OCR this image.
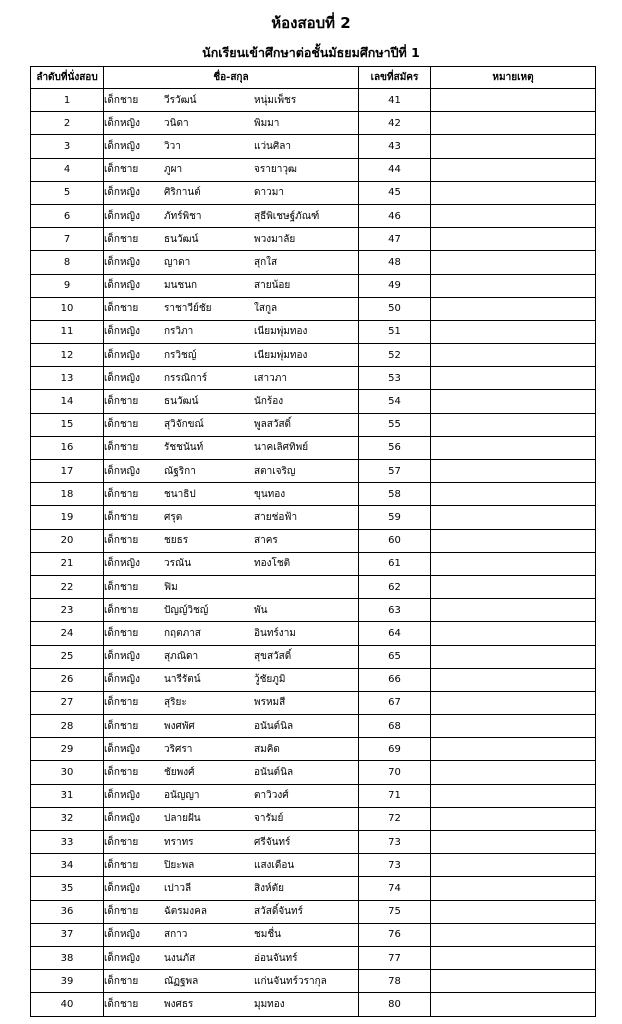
ห้องสอบที่ 2
นักเรียนเข้าศึกษาต่อชั้นมัธยมศึกษาปีที่ 1
ลำดับที่นั่งสอบ	ชื่อ-สกุล	เลขที่สมัคร	หมายเหตุ
1	เด็กชาย วีรวัฒน์ หนุ่มเพ็ชร	41	
2	เด็กหญิง วนิดา พิมมา	42	
3	เด็กหญิง วิวา แว่นศิลา	43	
4	เด็กชาย ภูผา จรายาวุฒ	44	
5	เด็กหญิง ศิริกานต์ ดาวมา	45	
6	เด็กหญิง ภัทร์พิชา สุธีพิเชษฐ์ภัณฑ์	46	
7	เด็กชาย ธนวัฒน์ พวงมาลัย	47	
8	เด็กหญิง ญาดา สุกใส	48	
9	เด็กหญิง มนชนก สายน้อย	49	
10	เด็กชาย ราชาวีย์ชัย ใสกูล	50	
11	เด็กหญิง กรวิภา เนียมพุ่มทอง	51	
12	เด็กหญิง กรวิชญ์ เนียมพุ่มทอง	52	
13	เด็กหญิง กรรณิการ์ เสาวภา	53	
14	เด็กชาย ธนวัฒน์ นักร้อง	54	
15	เด็กชาย สุวิจักขณ์ พูลสวัสดิ์	55	
16	เด็กชาย รัชชนันท์ นาคเลิศทิพย์	56	
17	เด็กหญิง ณัฐริกา สตาเจริญ	57	
18	เด็กชาย ชนาธิป ขุนทอง	58	
19	เด็กชาย ศรุต สายช่อฟ้า	59	
20	เด็กชาย ชยธร สาคร	60	
21	เด็กหญิง วรณัน ทองโชติ	61	
22	เด็กชาย ฟิม	62	
23	เด็กชาย ปัญญ์วิชญ์ พัน	63	
24	เด็กชาย กฤตภาส อินทร์งาม	64	
25	เด็กหญิง สุภณิดา สุขสวัสดิ์	65	
26	เด็กหญิง นารีรัตน์ วู้ชัยภูมิ	66	
27	เด็กชาย สุริยะ พรหมสี	67	
28	เด็กชาย พงศพัศ อนันต์นิล	68	
29	เด็กหญิง วริศรา สมคิด	69	
30	เด็กชาย ชัยพงศ์ อนันต์นิล	70	
31	เด็กหญิง อนัญญา ตาวิวงศ์	71	
32	เด็กหญิง ปลายฝัน จารัมย์	72	
33	เด็กชาย ทราทร ศรีจันทร์	73	
34	เด็กชาย ปิยะพล แสงเดือน	73	
35	เด็กหญิง เปาวลี สิงห์ตัย	74	
36	เด็กชาย ฉัตรมงคล สวัสดิ์จันทร์	75	
37	เด็กหญิง สกาว ชมชื่น	76	
38	เด็กหญิง นงนภัส อ่อนจันทร์	77	
39	เด็กชาย ณัฏฐพล แก่นจันทร์วรากุล	78	
40	เด็กชาย พงศธร มุมทอง	80	
